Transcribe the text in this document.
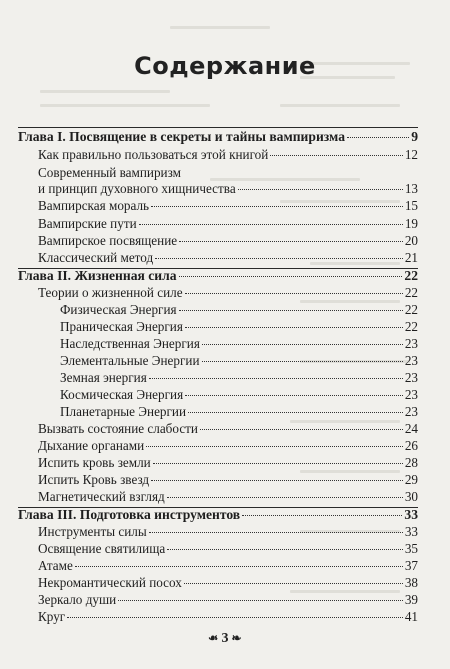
Содержание
Глава I. Посвящение в секреты и тайны вампиризма	9
Как правильно пользоваться этой книгой	12
Современный вампиризм
и принцип духовного хищничества	13
Вампирская мораль	15
Вампирские пути	19
Вампирское посвящение	20
Классический метод	21
Глава II. Жизненная сила	22
Теории о жизненной силе	22
Физическая Энергия	22
Праническая Энергия	22
Наследственная Энергия	23
Элементальные Энергии	23
Земная энергия	23
Космическая Энергия	23
Планетарные Энергии	23
Вызвать состояние слабости	24
Дыхание органами	26
Испить кровь земли	28
Испить Кровь звезд	29
Магнетический взгляд	30
Глава III. Подготовка инструментов	33
Инструменты силы	33
Освящение святилища	35
Атаме	37
Некромантический посох	38
Зеркало души	39
Круг	41
❧ 3 ❧
